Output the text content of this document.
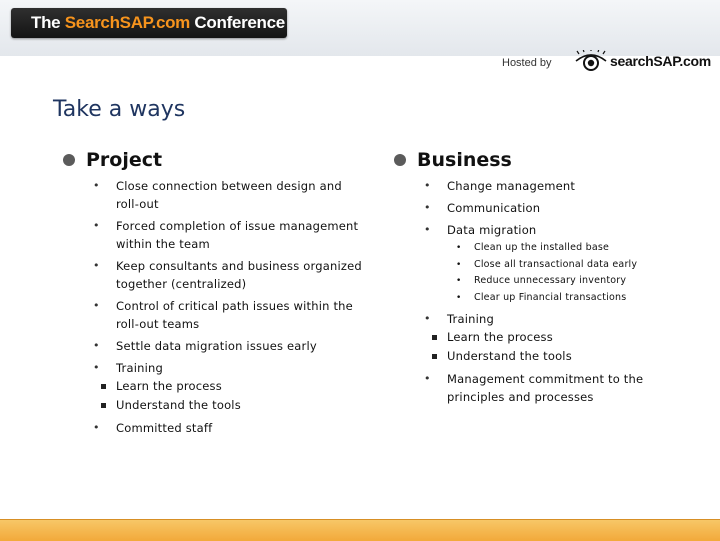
The SearchSAP.com Conference
Hosted by	searchSAP.com
Take a ways
Project
• Close connection between design and roll-out
• Forced completion of issue management within the team
• Keep consultants and business organized together (centralized)
• Control of critical path issues within the roll-out teams
• Settle data migration issues early
• Training
Learn the process
Understand the tools
• Committed staff
Business
• Change management
• Communication
• Data migration
• Clean up the installed base
• Close all transactional data early
• Reduce unnecessary inventory
• Clear up Financial transactions
• Training
Learn the process
Understand the tools
• Management commitment to the principles and processes
